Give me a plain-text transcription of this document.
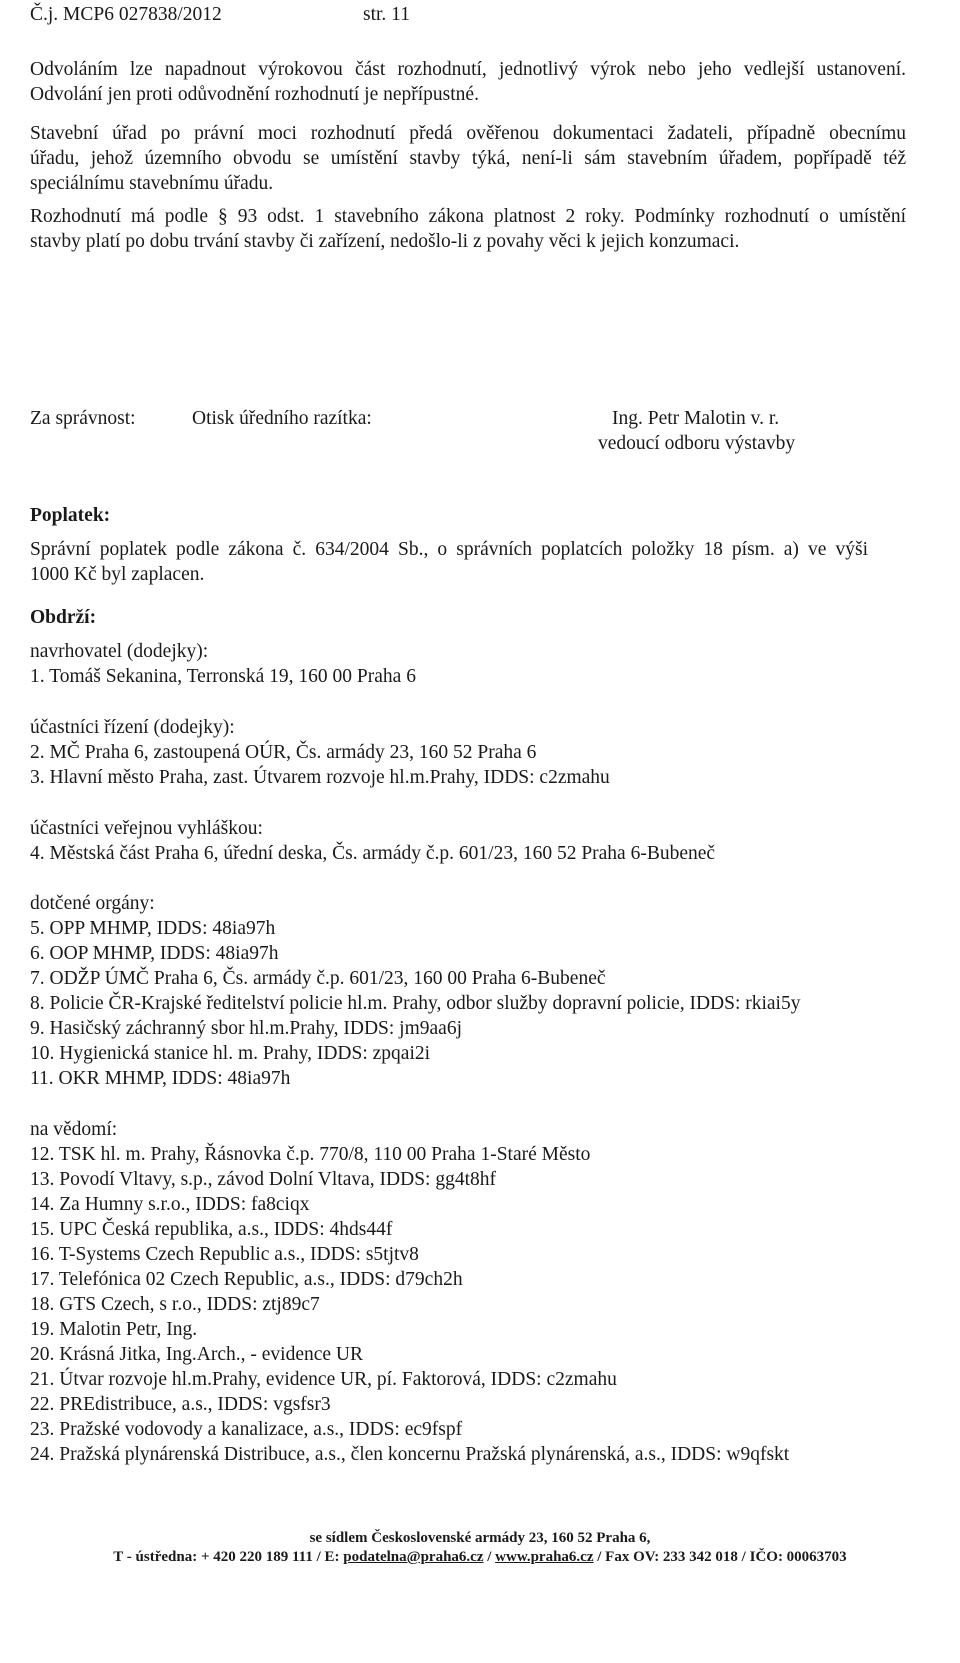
Č.j. MCP6 027838/2012	str. 11

Odvoláním lze napadnout výrokovou část rozhodnutí, jednotlivý výrok nebo jeho vedlejší ustanovení.

Odvolání jen proti odůvodnění rozhodnutí je nepřípustné.

Stavební úřad po právní moci rozhodnutí předá ověřenou dokumentaci žadateli, případně obecnímu

úřadu, jehož územního obvodu se umístění stavby týká, není-li sám stavebním úřadem, popřípadě též

speciálnímu stavebnímu úřadu.

Rozhodnutí má podle § 93 odst. 1 stavebního zákona platnost 2 roky. Podmínky rozhodnutí o umístění

stavby platí po dobu trvání stavby či zařízení, nedošlo-li z povahy věci k jejich konzumaci.

Za správnost:	Otisk úředního razítka:	Ing. Petr Malotin v. r.

vedoucí odboru výstavby

Poplatek:

Správní poplatek podle zákona č. 634/2004 Sb., o správních poplatcích položky 18 písm. a) ve výši

1000 Kč byl zaplacen.

Obdrží:

navrhovatel (dodejky):

1. Tomáš Sekanina, Terronská 19, 160 00 Praha 6

účastníci řízení (dodejky):

2. MČ Praha 6, zastoupená OÚR, Čs. armády 23, 160 52 Praha 6

3. Hlavní město Praha, zast. Útvarem rozvoje hl.m.Prahy, IDDS: c2zmahu

účastníci veřejnou vyhláškou:

4. Městská část Praha 6, úřední deska, Čs. armády č.p. 601/23, 160 52 Praha 6-Bubeneč

dotčené orgány:

5. OPP MHMP, IDDS: 48ia97h

6. OOP MHMP, IDDS: 48ia97h

7. ODŽP ÚMČ Praha 6, Čs. armády č.p. 601/23, 160 00 Praha 6-Bubeneč

8. Policie ČR-Krajské ředitelství policie hl.m. Prahy, odbor služby dopravní policie, IDDS: rkiai5y

9. Hasičský záchranný sbor hl.m.Prahy, IDDS: jm9aa6j

10. Hygienická stanice hl. m. Prahy, IDDS: zpqai2i

11. OKR MHMP, IDDS: 48ia97h

na vědomí:

12. TSK hl. m. Prahy, Řásnovka č.p. 770/8, 110 00 Praha 1-Staré Město

13. Povodí Vltavy, s.p., závod Dolní Vltava, IDDS: gg4t8hf

14. Za Humny s.r.o., IDDS: fa8ciqx

15. UPC Česká republika, a.s., IDDS: 4hds44f

16. T-Systems Czech Republic a.s., IDDS: s5tjtv8

17. Telefónica 02 Czech Republic, a.s., IDDS: d79ch2h

18. GTS Czech, s r.o., IDDS: ztj89c7

19. Malotin Petr, Ing.

20. Krásná Jitka, Ing.Arch., - evidence UR

21. Útvar rozvoje hl.m.Prahy, evidence UR, pí. Faktorová, IDDS: c2zmahu

22. PREdistribuce, a.s., IDDS: vgsfsr3

23. Pražské vodovody a kanalizace, a.s., IDDS: ec9fspf

24. Pražská plynárenská Distribuce, a.s., člen koncernu Pražská plynárenská, a.s., IDDS: w9qfskt

se sídlem Československé armády 23, 160 52 Praha 6,

T - ústředna: + 420 220 189 111 / E: podatelna@praha6.cz / www.praha6.cz / Fax OV: 233 342 018 / IČO: 00063703
